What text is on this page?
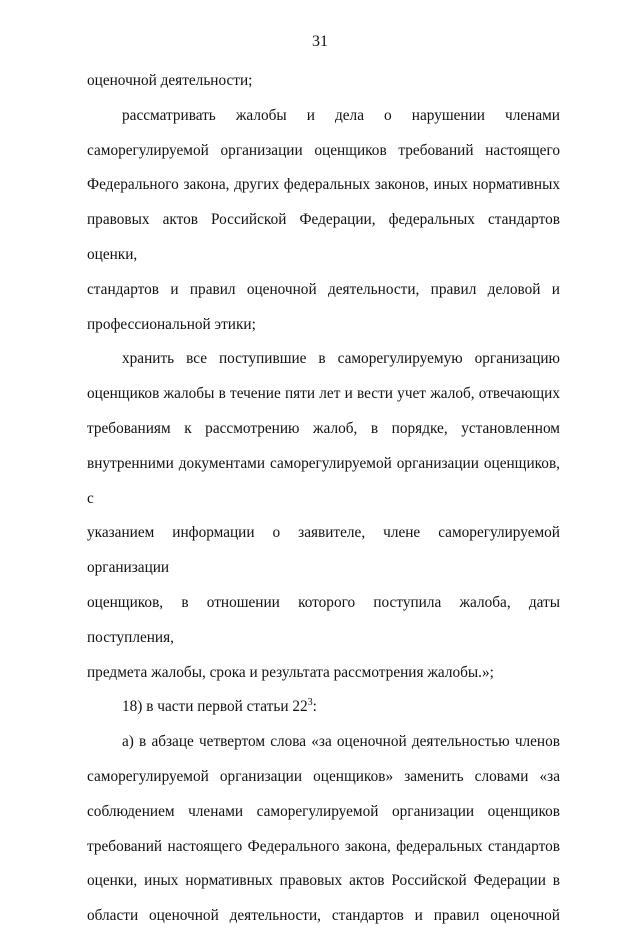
31
оценочной деятельности;
рассматривать жалобы и дела о нарушении членами
саморегулируемой организации оценщиков требований настоящего
Федерального закона, других федеральных законов, иных нормативных
правовых актов Российской Федерации, федеральных стандартов оценки,
стандартов и правил оценочной деятельности, правил деловой и
профессиональной этики;
хранить все поступившие в саморегулируемую организацию
оценщиков жалобы в течение пяти лет и вести учет жалоб, отвечающих
требованиям к рассмотрению жалоб, в порядке, установленном
внутренними документами саморегулируемой организации оценщиков, с
указанием информации о заявителе, члене саморегулируемой организации
оценщиков, в отношении которого поступила жалоба, даты поступления,
предмета жалобы, срока и результата рассмотрения жалобы.»;
18) в части первой статьи $22^3$:
а) в абзаце четвертом слова «за оценочной деятельностью членов
саморегулируемой организации оценщиков» заменить словами «за
соблюдением членами саморегулируемой организации оценщиков
требований настоящего Федерального закона, федеральных стандартов
оценки, иных нормативных правовых актов Российской Федерации в
области оценочной деятельности, стандартов и правил оценочной
